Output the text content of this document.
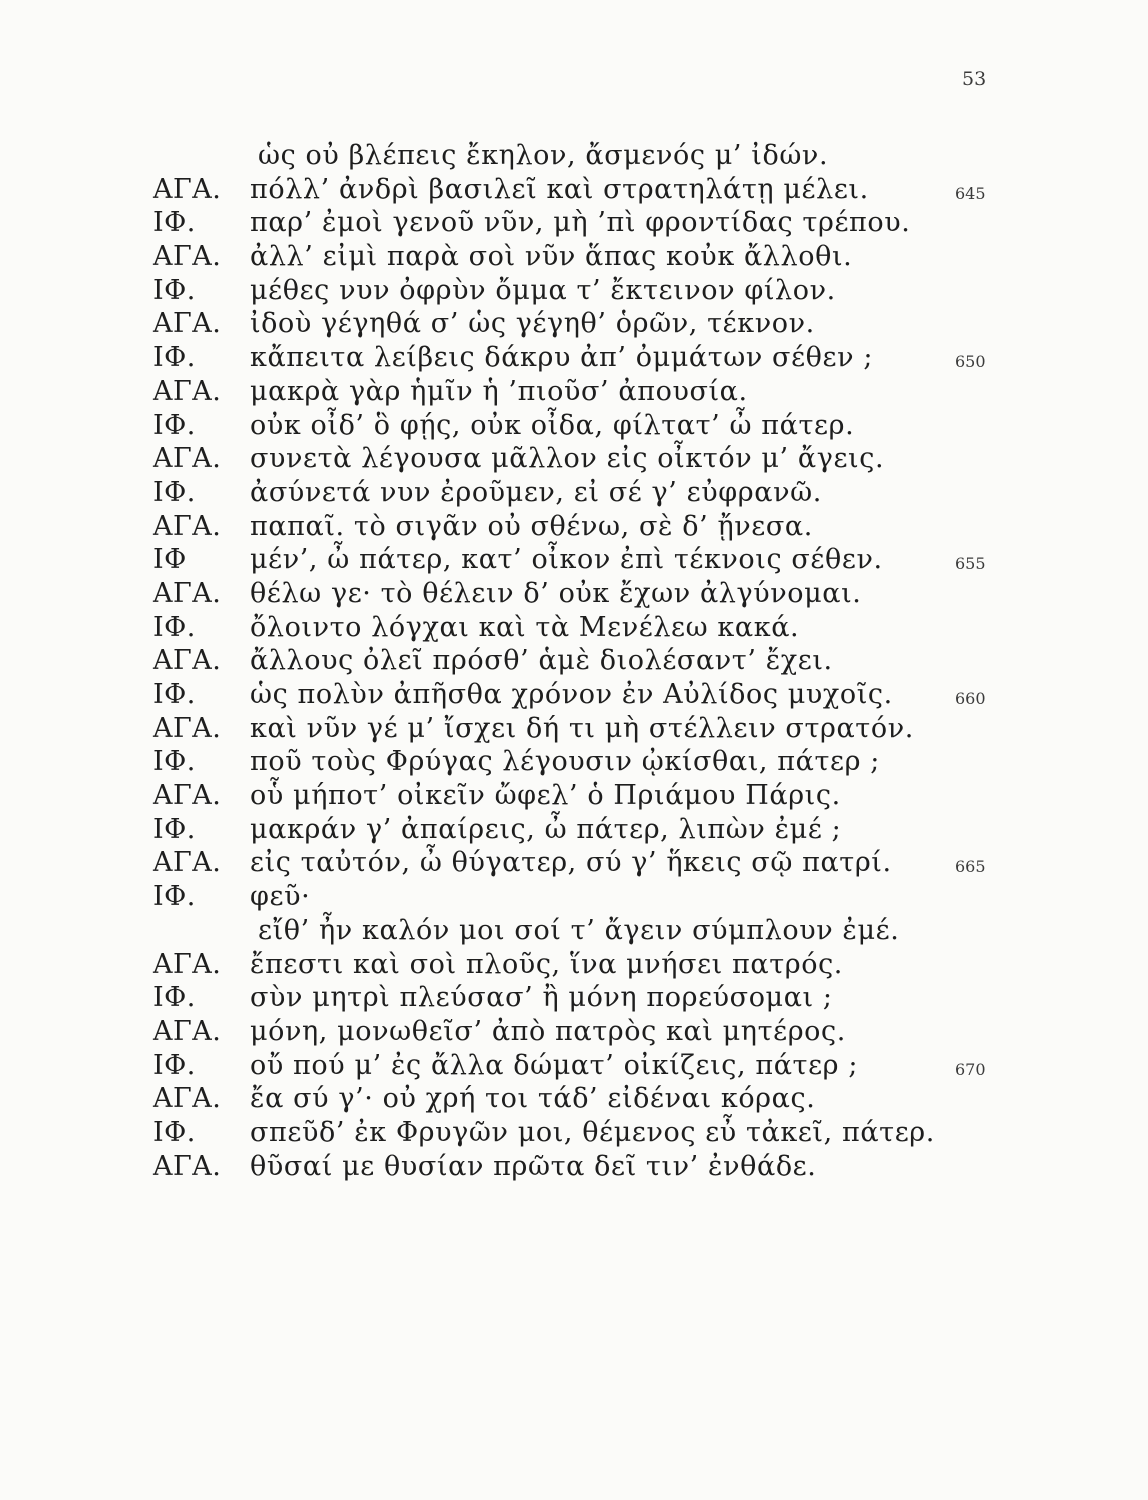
53
ὡς οὐ βλέπεις ἔκηλον, ἄσμενός μ’ ἰδών.
ΑΓΑ. πόλλ’ ἀνδρὶ βασιλεῖ καὶ στρατηλάτῃ μέλει.	645
ΙΦ. παρ’ ἐμοὶ γενοῦ νῦν, μὴ ’πὶ φροντίδας τρέπου.
ΑΓΑ. ἀλλ’ εἰμὶ παρὰ σοὶ νῦν ἅπας κοὐκ ἄλλοθι.
ΙΦ. μέθες νυν ὀφρὺν ὄμμα τ’ ἔκτεινον φίλον.
ΑΓΑ. ἰδοὺ γέγηθά σ’ ὡς γέγηθ’ ὁρῶν, τέκνον.
ΙΦ. κἄπειτα λείβεις δάκρυ ἀπ’ ὀμμάτων σέθεν ;	650
ΑΓΑ. μακρὰ γὰρ ἡμῖν ἡ ’πιοῦσ’ ἀπουσία.
ΙΦ. οὐκ οἶδ’ ὃ φῄς, οὐκ οἶδα, φίλτατ’ ὦ πάτερ.
ΑΓΑ. συνετὰ λέγουσα μᾶλλον εἰς οἶκτόν μ’ ἄγεις.
ΙΦ. ἀσύνετά νυν ἐροῦμεν, εἰ σέ γ’ εὐφρανῶ.
ΑΓΑ. παπαῖ. τὸ σιγᾶν οὐ σθένω, σὲ δ’ ᾔνεσα.
ΙΦ μέν’, ὦ πάτερ, κατ’ οἶκον ἐπὶ τέκνοις σέθεν.	655
ΑΓΑ. θέλω γε· τὸ θέλειν δ’ οὐκ ἔχων ἀλγύνομαι.
ΙΦ. ὄλοιντο λόγχαι καὶ τὰ Μενέλεω κακά.
ΑΓΑ. ἄλλους ὀλεῖ πρόσθ’ ἁμὲ διολέσαντ’ ἔχει.
ΙΦ. ὡς πολὺν ἀπῆσθα χρόνον ἐν Αὐλίδος μυχοῖς.	660
ΑΓΑ. καὶ νῦν γέ μ’ ἴσχει δή τι μὴ στέλλειν στρατόν.
ΙΦ. ποῦ τοὺς Φρύγας λέγουσιν ᾠκίσθαι, πάτερ ;
ΑΓΑ. οὗ μήποτ’ οἰκεῖν ὤφελ’ ὁ Πριάμου Πάρις.
ΙΦ. μακράν γ’ ἀπαίρεις, ὦ πάτερ, λιπὼν ἐμέ ;
ΑΓΑ. εἰς ταὐτόν, ὦ θύγατερ, σύ γ’ ἥκεις σῷ πατρί.	665
ΙΦ. φεῦ·
εἴθ’ ἦν καλόν μοι σοί τ’ ἄγειν σύμπλουν ἐμέ.
ΑΓΑ. ἔπεστι καὶ σοὶ πλοῦς, ἵνα μνήσει πατρός.
ΙΦ. σὺν μητρὶ πλεύσασ’ ἢ μόνη πορεύσομαι ;
ΑΓΑ. μόνη, μονωθεῖσ’ ἀπὸ πατρὸς καὶ μητέρος.
ΙΦ. οὔ πού μ’ ἐς ἄλλα δώματ’ οἰκίζεις, πάτερ ;	670
ΑΓΑ. ἔα σύ γ’· οὐ χρή τοι τάδ’ εἰδέναι κόρας.
ΙΦ. σπεῦδ’ ἐκ Φρυγῶν μοι, θέμενος εὖ τἀκεῖ, πάτερ.
ΑΓΑ. θῦσαί με θυσίαν πρῶτα δεῖ τιν’ ἐνθάδε.
